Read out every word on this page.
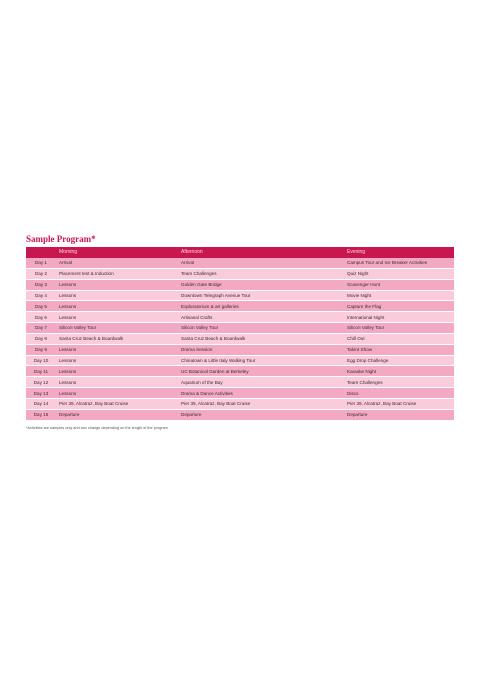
Sample Program*
	Morning	Afternoon	Evening
Day 1	Arrival	Arrival	Campus Tour and Ice Breaker Activities
Day 2	Placement test & Induction	Team Challenges	Quiz Night
Day 3	Lessons	Golden Gate Bridge	Scavenger Hunt
Day 4	Lessons	Downtown Telegraph Avenue Tour	Movie Night
Day 5	Lessons	Exploratorium & art galleries	Capture the Flag
Day 6	Lessons	Artisanal Crafts	International Night
Day 7	Silicon Valley Tour	Silicon Valley Tour	Silicon Valley Tour
Day 8	Santa Cruz Beach & Boardwalk	Santa Cruz Beach & Boardwalk	Chill Out
Day 9	Lessons	Drama Session	Talent Show
Day 10	Lessons	Chinatown & Little Italy Walking Tour	Egg Drop Challenge
Day 11	Lessons	UC Botanical Garden at Berkeley	Karaoke Night
Day 12	Lessons	Aquarium of the Bay	Team Challenges
Day 13	Lessons	Drama & Dance Activities	Disco
Day 14	Pier 39, Alcatraz, Bay Boat Cruise	Pier 39, Alcatraz, Bay Boat Cruise	Pier 39, Alcatraz, Bay Boat Cruise
Day 15	Departure	Departure	Departure
*Activities are samples only and can change depending on the length of the program
